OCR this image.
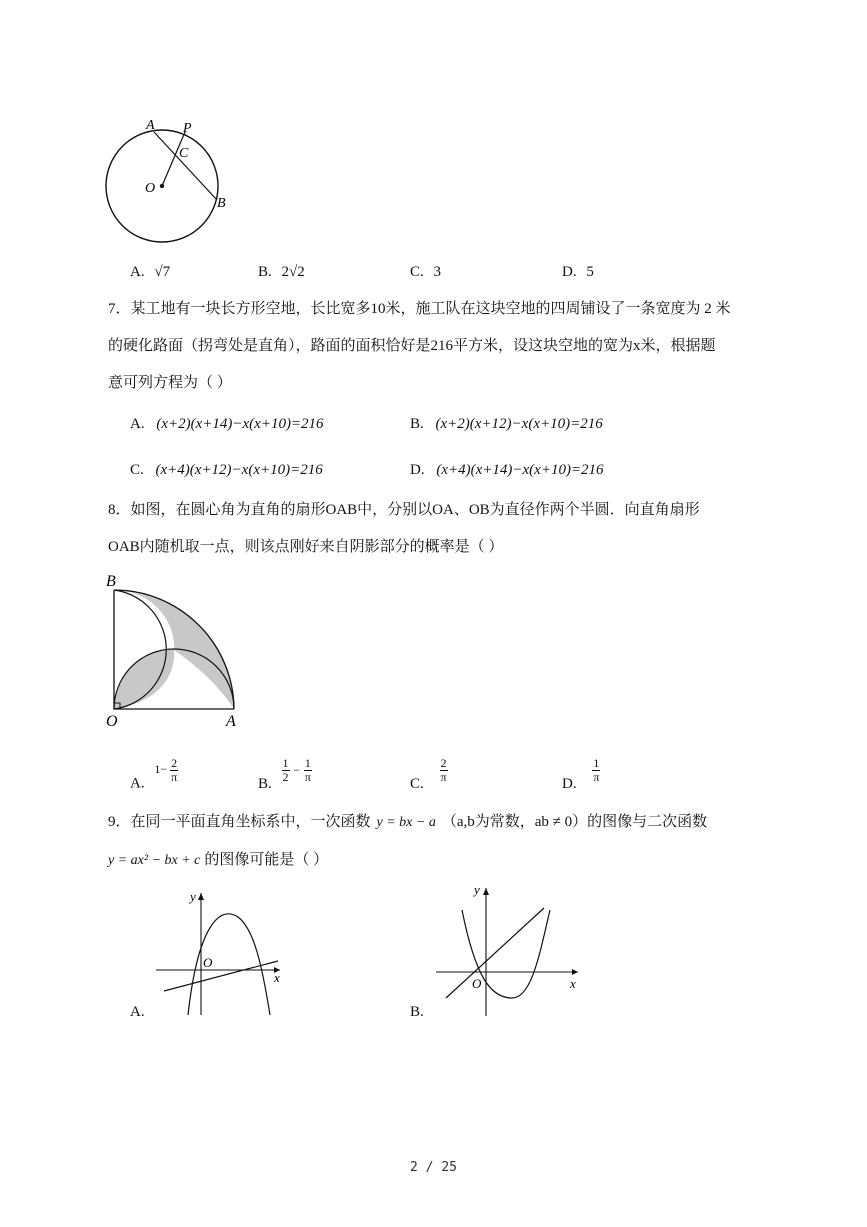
A P
C
O
B
A. √7	B. 2√2	C. 3	D. 5
7．某工地有一块长方形空地，长比宽多10米，施工队在这块空地的四周铺设了一条宽度为 2 米
的硬化路面（拐弯处是直角），路面的面积恰好是216平方米，设这块空地的宽为x米，根据题
意可列方程为（ ）
A. (x+2)(x+14)−x(x+10)=216	B. (x+2)(x+12)−x(x+10)=216
C. (x+4)(x+12)−x(x+10)=216	D. (x+4)(x+14)−x(x+10)=216
8．如图，在圆心角为直角的扇形OAB中，分别以OA、OB为直径作两个半圆．向直角扇形
OAB内随机取一点，则该点刚好来自阴影部分的概率是（ ）
B
O	A
A. $^{1- \frac{2}{\pi}}$	B. $\frac{1}{2} - \frac{1}{\pi}$	C. $\frac{2}{\pi}$	D. $\frac{1}{\pi}$
9．在同一平面直角坐标系中，一次函数 y = bx − a （a,b为常数，ab ≠ 0）的图像与二次函数
y = ax² − bx + c 的图像可能是（ ）
y
x
O
A.
y
x
O
B.
2 / 25
